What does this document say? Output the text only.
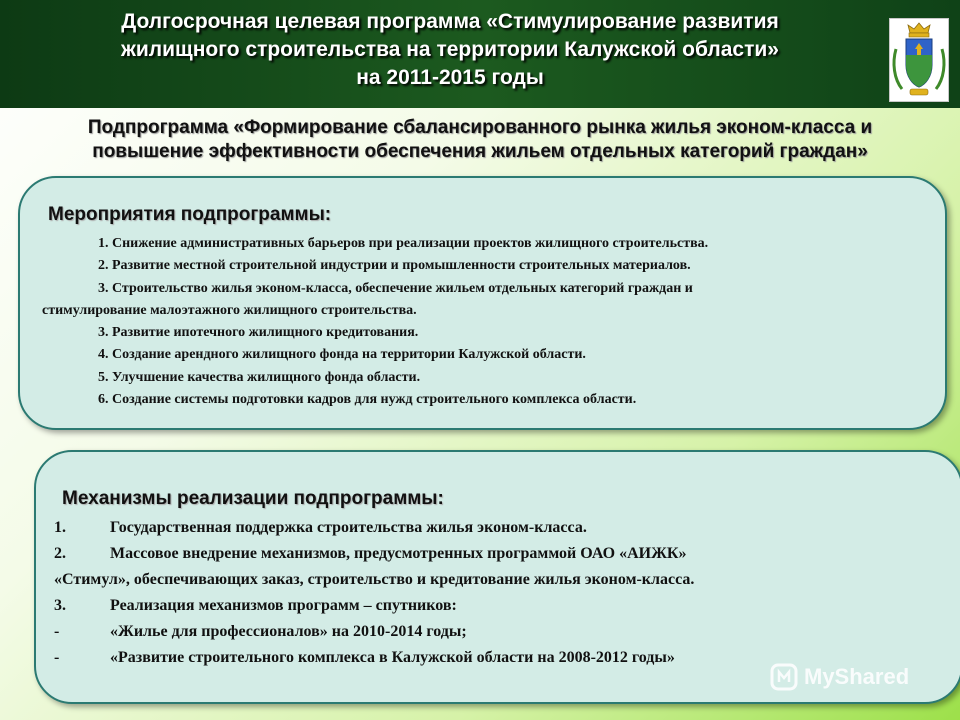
Долгосрочная целевая программа «Стимулирование развития
жилищного строительства на территории Калужской области»
на 2011-2015 годы
Подпрограмма «Формирование сбалансированного рынка жилья эконом-класса и
повышение эффективности обеспечения жильем отдельных категорий граждан»
Мероприятия подпрограммы:
1. Снижение административных барьеров при реализации проектов жилищного строительства.
2. Развитие местной строительной индустрии и промышленности строительных материалов.
3. Строительство жилья эконом-класса, обеспечение жильем отдельных категорий граждан и
стимулирование малоэтажного жилищного строительства.
3. Развитие ипотечного жилищного кредитования.
4. Создание арендного жилищного фонда на территории Калужской области.
5. Улучшение качества жилищного фонда области.
6. Создание системы подготовки кадров для нужд строительного комплекса области.
Механизмы реализации подпрограммы:
1.	Государственная поддержка строительства жилья эконом-класса.
2.	Массовое внедрение механизмов, предусмотренных программой ОАО «АИЖК»
«Стимул», обеспечивающих заказ, строительство и кредитование жилья эконом-класса.
3.	Реализация механизмов программ – спутников:
-	«Жилье для профессионалов» на 2010-2014 годы;
-	«Развитие строительного комплекса в Калужской области на 2008-2012 годы»
MyShared
